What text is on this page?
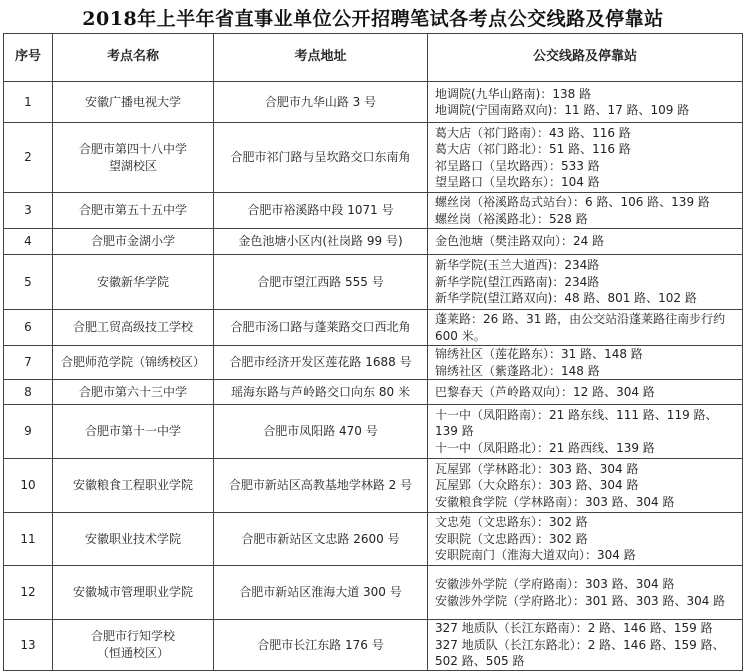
2018年上半年省直事业单位公开招聘笔试各考点公交线路及停靠站
序号	考点名称	考点地址	公交线路及停靠站
1	安徽广播电视大学	合肥市九华山路 3 号	地调院(九华山路南)：138 路
地调院(宁国南路双向)：11 路、17 路、109 路

2	合肥市第四十八中学
望湖校区	合肥市祁门路与呈坎路交口东南角	葛大店（祁门路南）：43 路、116 路
葛大店（祁门路北）：51 路、116 路
祁呈路口（呈坎路西）：533 路
望呈路口（呈坎路东）：104 路

3	合肥市第五十五中学	合肥市裕溪路中段 1071 号	螺丝岗（裕溪路岛式站台）：6 路、106 路、139 路
螺丝岗（裕溪路北）：528 路

4	合肥市金湖小学	金色池塘小区内(社岗路 99 号)	金色池塘（樊洼路双向）：24 路

5	安徽新华学院	合肥市望江西路 555 号	新华学院(玉兰大道西)：234路
新华学院(望江西路南)：234路
新华学院(望江路双向)：48 路、801 路、102 路

6	合肥工贸高级技工学校	合肥市汤口路与蓬莱路交口西北角	蓬莱路：26 路、31 路，由公交站沿蓬莱路往南步行约 600 米。

7	合肥师范学院（锦绣校区）	合肥市经济开发区莲花路 1688 号	锦绣社区（莲花路东）：31 路、148 路
锦绣社区（紫蓬路北）：148 路

8	合肥市第六十三中学	瑶海东路与芦岭路交口向东 80 米	巴黎春天（芦岭路双向）：12 路、304 路

9	合肥市第十一中学	合肥市凤阳路 470 号	十一中（凤阳路南）：21 路东线、111 路、119 路、139 路
十一中（凤阳路北）：21 路西线、139 路

10	安徽粮食工程职业学院	合肥市新站区高教基地学林路 2 号	瓦屋郢（学林路北）：303 路、304 路
瓦屋郢（大众路东）：303 路、304 路
安徽粮食学院（学林路南）：303 路、304 路

11	安徽职业技术学院	合肥市新站区文忠路 2600 号	文忠苑（文忠路东）：302 路
安职院（文忠路西）：302 路
安职院南门（淮海大道双向）：304 路

12	安徽城市管理职业学院	合肥市新站区淮海大道 300 号	安徽涉外学院（学府路南）：303 路、304 路
安徽涉外学院（学府路北）：301 路、303 路、304 路

13	合肥市行知学校
（恒通校区）	合肥市长江东路 176 号	327 地质队（长江东路南）：2 路、146 路、159 路
327 地质队（长江东路北）：2 路、146 路、159 路、502 路、505 路
